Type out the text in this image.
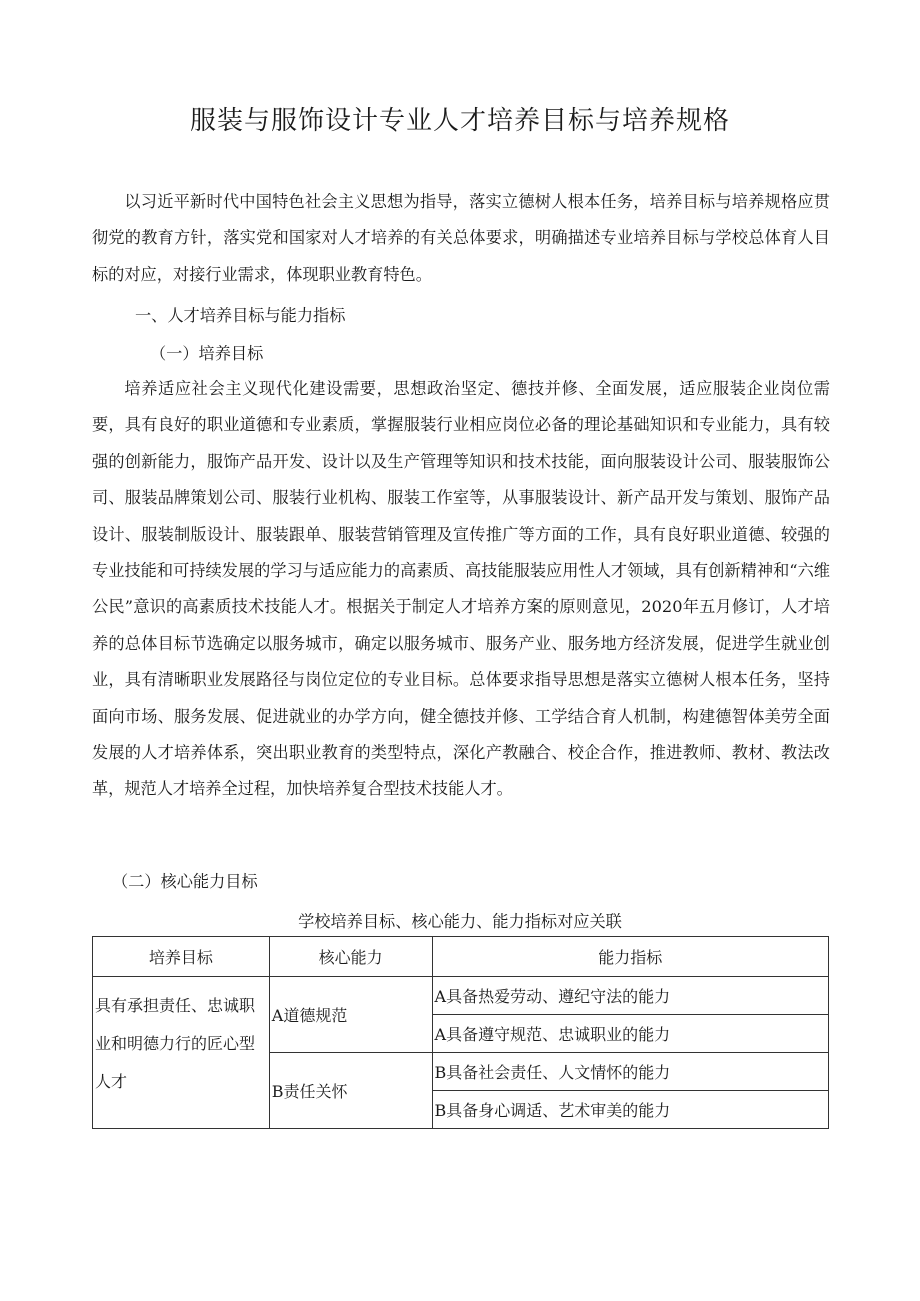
服装与服饰设计专业人才培养目标与培养规格

以习近平新时代中国特色社会主义思想为指导，落实立德树人根本任务，培养目标与培养规格应贯彻党的教育方针，落实党和国家对人才培养的有关总体要求，明确描述专业培养目标与学校总体育人目标的对应，对接行业需求，体现职业教育特色。

一、人才培养目标与能力指标

（一）培养目标

培养适应社会主义现代化建设需要，思想政治坚定、德技并修、全面发展，适应服装企业岗位需要，具有良好的职业道德和专业素质，掌握服装行业相应岗位必备的理论基础知识和专业能力，具有较强的创新能力，服饰产品开发、设计以及生产管理等知识和技术技能，面向服装设计公司、服装服饰公司、服装品牌策划公司、服装行业机构、服装工作室等，从事服装设计、新产品开发与策划、服饰产品设计、服装制版设计、服装跟单、服装营销管理及宣传推广等方面的工作，具有良好职业道德、较强的专业技能和可持续发展的学习与适应能力的高素质、高技能服装应用性人才领域，具有创新精神和“六维公民”意识的高素质技术技能人才。根据关于制定人才培养方案的原则意见，2020年五月修订，人才培养的总体目标节选确定以服务城市，确定以服务城市、服务产业、服务地方经济发展，促进学生就业创业，具有清晰职业发展路径与岗位定位的专业目标。总体要求指导思想是落实立德树人根本任务，坚持面向市场、服务发展、促进就业的办学方向，健全德技并修、工学结合育人机制，构建德智体美劳全面发展的人才培养体系，突出职业教育的类型特点，深化产教融合、校企合作，推进教师、教材、教法改革，规范人才培养全过程，加快培养复合型技术技能人才。

（二）核心能力目标

学校培养目标、核心能力、能力指标对应关联

培养目标	核心能力	能力指标
具有承担责任、忠诚职业和明德力行的匠心型人才	A道德规范	A具备热爱劳动、遵纪守法的能力
		A具备遵守规范、忠诚职业的能力
	B责任关怀	B具备社会责任、人文情怀的能力
		B具备身心调适、艺术审美的能力
